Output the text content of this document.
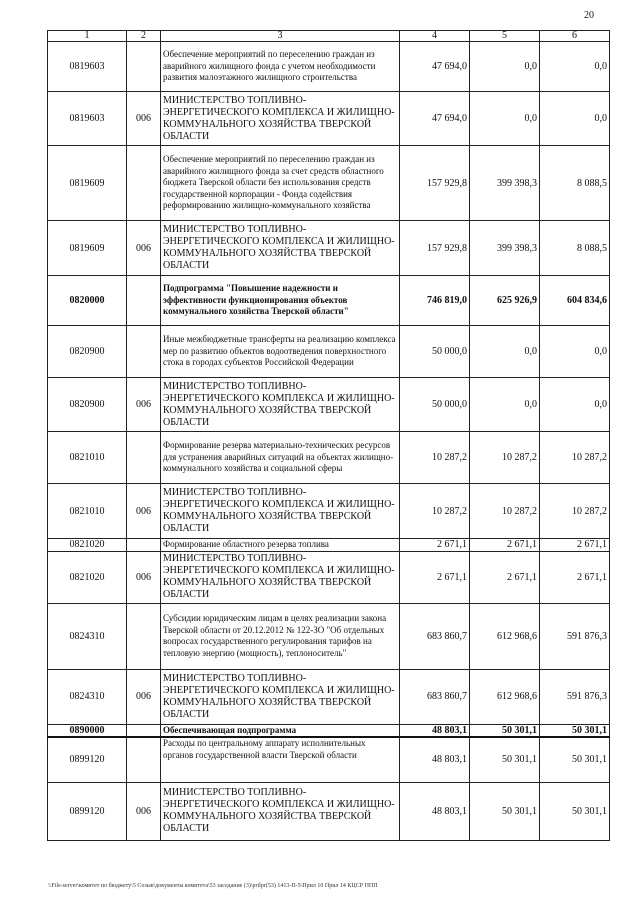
20
1	2	3	4	5	6
0819603		Обеспечение мероприятий по переселению граждан из аварийного жилищного фонда с учетом необходимости развития малоэтажного жилищного строительства	47 694,0	0,0	0,0
0819603	006	МИНИСТЕРСТВО ТОПЛИВНО-ЭНЕРГЕТИЧЕСКОГО КОМПЛЕКСА И ЖИЛИЩНО-КОММУНАЛЬНОГО ХОЗЯЙСТВА ТВЕРСКОЙ ОБЛАСТИ	47 694,0	0,0	0,0
0819609		Обеспечение мероприятий по переселению граждан из аварийного жилищного фонда за счет средств областного бюджета Тверской области без использования средств государственной корпорации - Фонда содействия реформированию жилищно-коммунального хозяйства	157 929,8	399 398,3	8 088,5
0819609	006	МИНИСТЕРСТВО ТОПЛИВНО-ЭНЕРГЕТИЧЕСКОГО КОМПЛЕКСА И ЖИЛИЩНО-КОММУНАЛЬНОГО ХОЗЯЙСТВА ТВЕРСКОЙ ОБЛАСТИ	157 929,8	399 398,3	8 088,5
0820000		Подпрограмма "Повышение надежности и эффективности функционирования объектов коммунального хозяйства Тверской области"	746 819,0	625 926,9	604 834,6
0820900		Иные межбюджетные трансферты на реализацию комплекса мер по развитию объектов водоотведения поверхностного стока в городах субъектов Российской Федерации	50 000,0	0,0	0,0
0820900	006	МИНИСТЕРСТВО ТОПЛИВНО-ЭНЕРГЕТИЧЕСКОГО КОМПЛЕКСА И ЖИЛИЩНО-КОММУНАЛЬНОГО ХОЗЯЙСТВА ТВЕРСКОЙ ОБЛАСТИ	50 000,0	0,0	0,0
0821010		Формирование резерва материально-технических ресурсов для устранения аварийных ситуаций на объектах жилищно-коммунального хозяйства и социальной сферы	10 287,2	10 287,2	10 287,2
0821010	006	МИНИСТЕРСТВО ТОПЛИВНО-ЭНЕРГЕТИЧЕСКОГО КОМПЛЕКСА И ЖИЛИЩНО-КОММУНАЛЬНОГО ХОЗЯЙСТВА ТВЕРСКОЙ ОБЛАСТИ	10 287,2	10 287,2	10 287,2
0821020		Формирование областного резерва топлива	2 671,1	2 671,1	2 671,1
0821020	006	МИНИСТЕРСТВО ТОПЛИВНО-ЭНЕРГЕТИЧЕСКОГО КОМПЛЕКСА И ЖИЛИЩНО-КОММУНАЛЬНОГО ХОЗЯЙСТВА ТВЕРСКОЙ ОБЛАСТИ	2 671,1	2 671,1	2 671,1
0824310		Субсидии юридическим лицам в целях реализации закона Тверской области от 20.12.2012 № 122-ЗО "Об отдельных вопросах государственного регулирования тарифов на тепловую энергию (мощность), теплоноситель"	683 860,7	612 968,6	591 876,3
0824310	006	МИНИСТЕРСТВО ТОПЛИВНО-ЭНЕРГЕТИЧЕСКОГО КОМПЛЕКСА И ЖИЛИЩНО-КОММУНАЛЬНОГО ХОЗЯЙСТВА ТВЕРСКОЙ ОБЛАСТИ	683 860,7	612 968,6	591 876,3
0890000		Обеспечивающая подпрограмма	48 803,1	50 301,1	50 301,1
0899120		Расходы по центральному аппарату исполнительных органов государственной власти Тверской области	48 803,1	50 301,1	50 301,1
0899120	006	МИНИСТЕРСТВО ТОПЛИВНО-ЭНЕРГЕТИЧЕСКОГО КОМПЛЕКСА И ЖИЛИЩНО-КОММУНАЛЬНОГО ХОЗЯЙСТВА ТВЕРСКОЙ ОБЛАСТИ	48 803,1	50 301,1	50 301,1
\\File-server\комитет по бюджету\5 Созыв\документы комитета\53 заседание (3)\prilpr(53) 1413-П-5\Прил 10 Прил 14 КЦСР ППП
